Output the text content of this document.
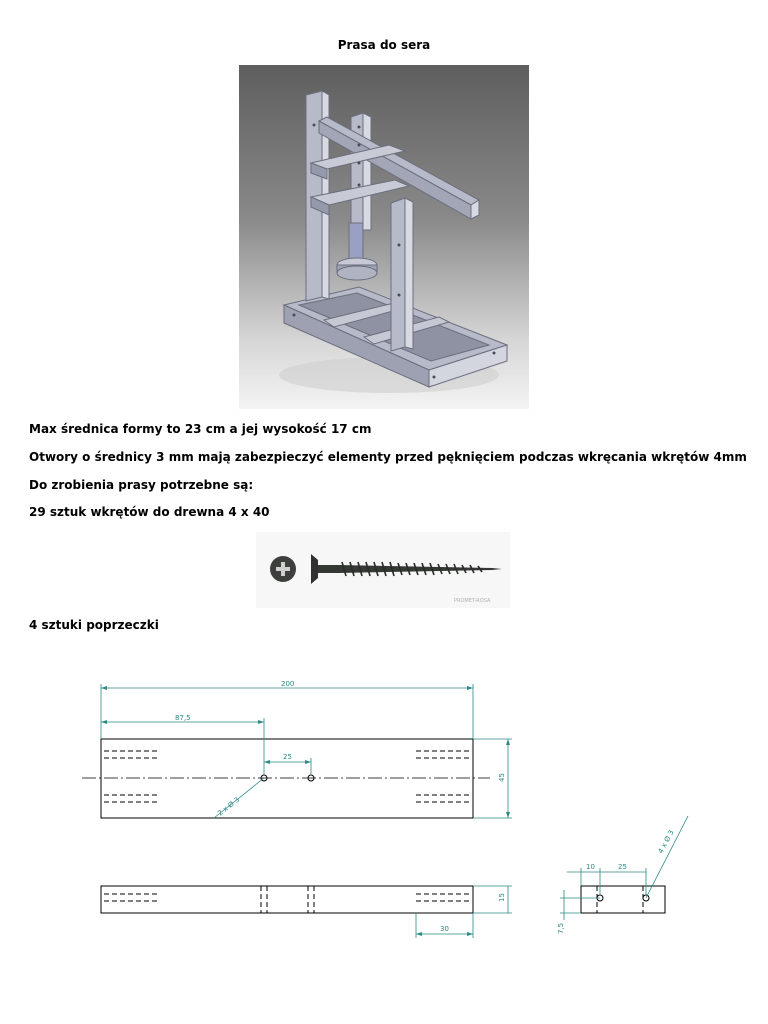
Prasa do sera
Max średnica formy to 23 cm a jej wysokość 17 cm
Otwory o średnicy 3 mm mają zabezpieczyć elementy przed pęknięciem podczas wkręcania wkrętów 4mm
Do zrobienia prasy potrzebne są:
29 sztuk wkrętów do drewna 4 x 40
PROMET-ROSA
4 sztuki poprzeczki
200
87,5
25
45
2 x Ø 3
15
30
10	25
7,5
4 x Ø 3
